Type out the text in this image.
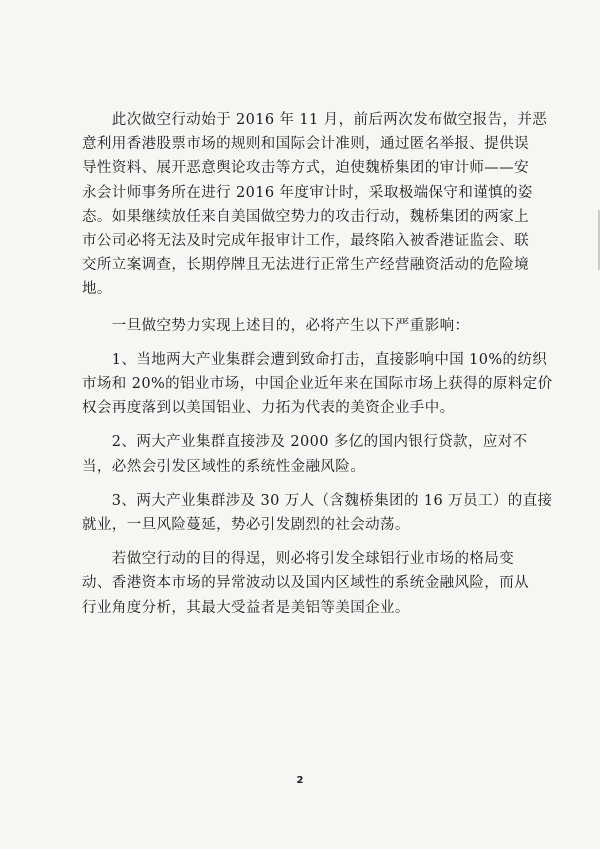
　　此次做空行动始于 2016 年 11 月，前后两次发布做空报告，并恶
意利用香港股票市场的规则和国际会计准则，通过匿名举报、提供误
导性资料、展开恶意舆论攻击等方式，迫使魏桥集团的审计师——安
永会计师事务所在进行 2016 年度审计时，采取极端保守和谨慎的姿
态。如果继续放任来自美国做空势力的攻击行动，魏桥集团的两家上
市公司必将无法及时完成年报审计工作，最终陷入被香港证监会、联
交所立案调查，长期停牌且无法进行正常生产经营融资活动的危险境
地。

　　一旦做空势力实现上述目的，必将产生以下严重影响：

　　1、当地两大产业集群会遭到致命打击，直接影响中国 10%的纺织
市场和 20%的铝业市场，中国企业近年来在国际市场上获得的原料定价
权会再度落到以美国铝业、力拓为代表的美资企业手中。

　　2、两大产业集群直接涉及 2000 多亿的国内银行贷款，应对不
当，必然会引发区域性的系统性金融风险。

　　3、两大产业集群涉及 30 万人（含魏桥集团的 16 万员工）的直接
就业，一旦风险蔓延，势必引发剧烈的社会动荡。

　　若做空行动的目的得逞，则必将引发全球铝行业市场的格局变
动、香港资本市场的异常波动以及国内区域性的系统金融风险，而从
行业角度分析，其最大受益者是美铝等美国企业。

2
